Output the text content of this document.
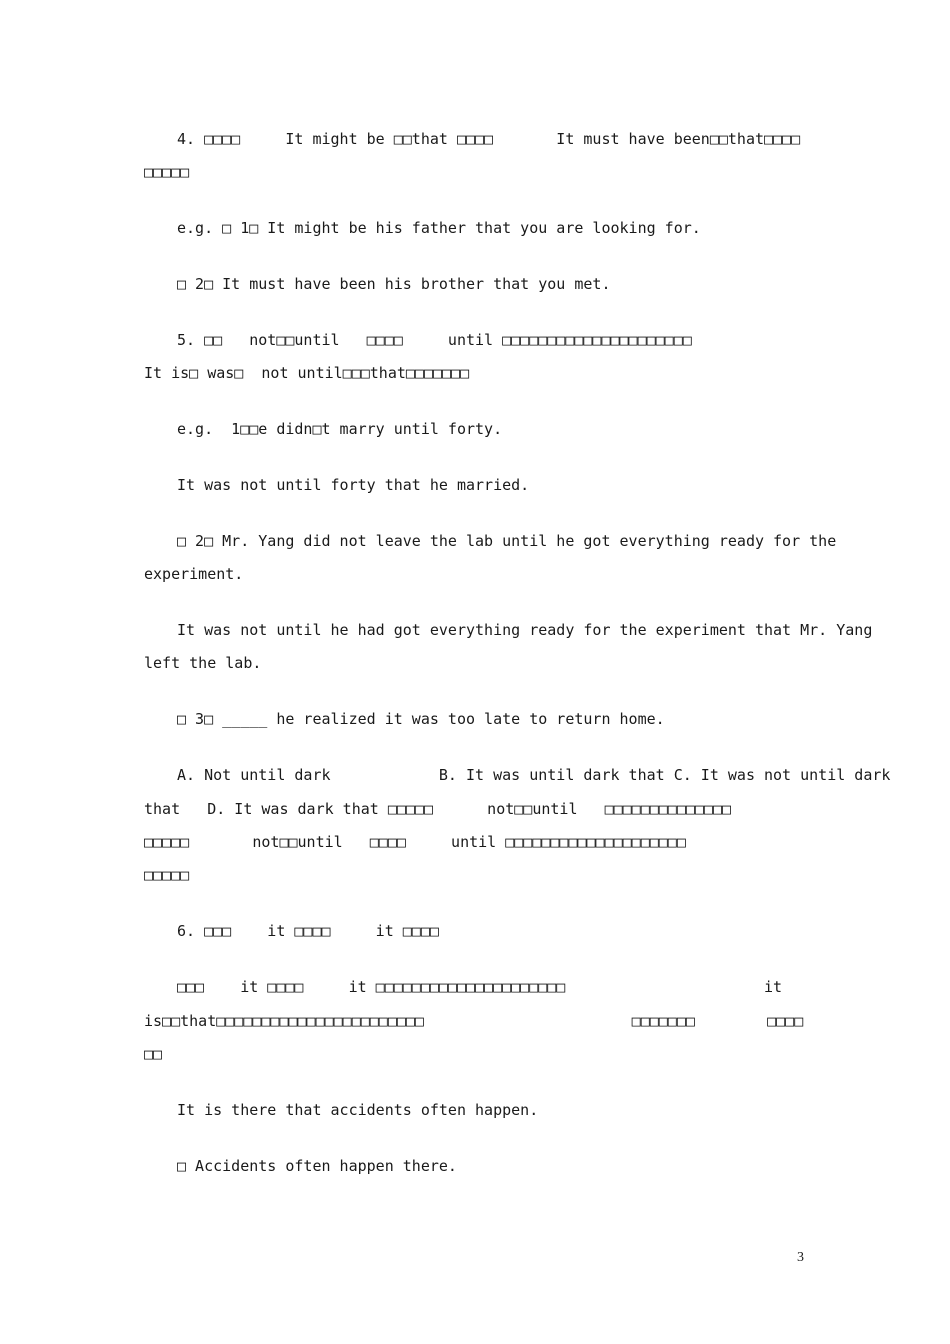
4. □□□□     It might be □□that □□□□       It must have been□□that□□□□
□□□□□
e.g. □ 1□ It might be his father that you are looking for.
□ 2□ It must have been his brother that you met.
5. □□   not□□until   □□□□     until □□□□□□□□□□□□□□□□□□□□□
It is□ was□  not until□□□that□□□□□□□
e.g.  1□□e didn□t marry until forty.
It was not until forty that he married.
□ 2□ Mr. Yang did not leave the lab until he got everything ready for the
experiment.
It was not until he had got everything ready for the experiment that Mr. Yang
left the lab.
□ 3□ _____ he realized it was too late to return home.
A. Not until dark            B. It was until dark that C. It was not until dark
that   D. It was dark that □□□□□      not□□until   □□□□□□□□□□□□□□
□□□□□       not□□until   □□□□     until □□□□□□□□□□□□□□□□□□□□
□□□□□
6. □□□    it □□□□     it □□□□
□□□    it □□□□     it □□□□□□□□□□□□□□□□□□□□□                      it
is□□that□□□□□□□□□□□□□□□□□□□□□□□                       □□□□□□□        □□□□
□□
It is there that accidents often happen.
□ Accidents often happen there.
3
